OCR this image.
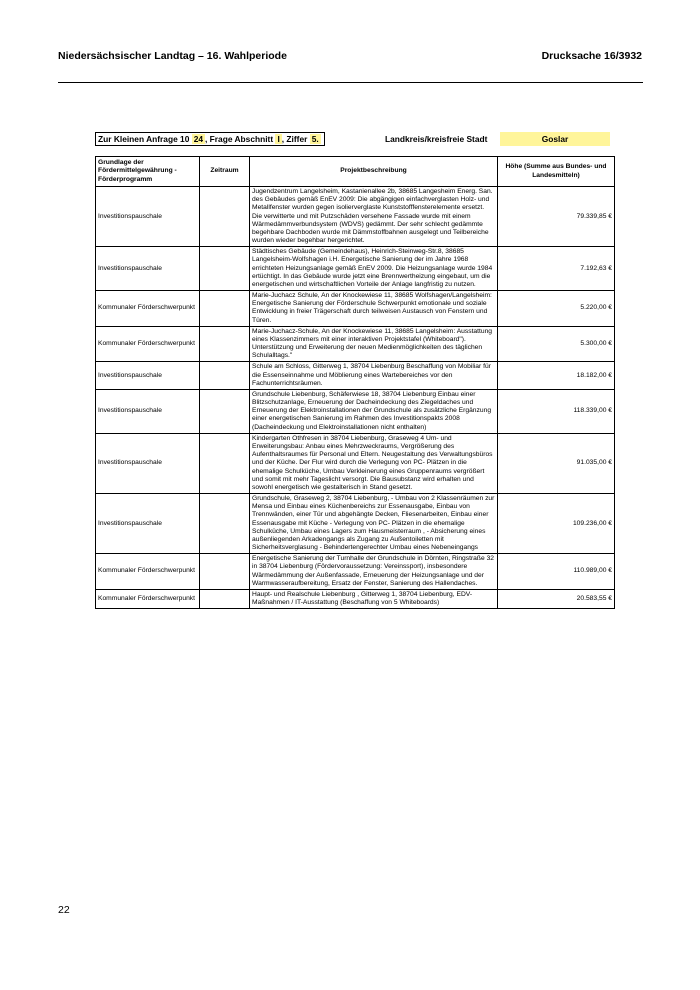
Niedersächsischer Landtag – 16. Wahlperiode	Drucksache 16/3932
Zur Kleinen Anfrage 10 24 , Frage Abschnitt I , Ziffer 5.	Landkreis/kreisfreie Stadt	Goslar
Grundlage der Fördermittelgewährung - Förderprogramm	Zeitraum	Projektbeschreibung	Höhe (Summe aus Bundes- und Landesmitteln)
Investitionspauschale		Jugendzentrum Langelsheim, Kastanienallee 2b, 38685 Langesheim Energ. San. des Gebäudes gemäß EnEV 2009: Die abgängigen einfachverglasten Holz- und Metallfenster wurden gegen isolierverglaste Kunststofffensterelemente ersetzt. Die verwitterte und mit Putzschäden versehene Fassade wurde mit einem Wärmedämmverbundsystem (WDVS) gedämmt. Der sehr schlecht gedämmte begehbare Dachboden wurde mit Dämmstoffbahnen ausgelegt und Teilbereiche wurden wieder begehbar hergerichtet.	79.339,85 €
Investitionspauschale		Städtisches Gebäude (Gemeindehaus), Heinrich-Steinweg-Str.8, 38685 Langelsheim-Wolfshagen i.H. Energetische Sanierung der im Jahre 1968 errichteten Heizungsanlage gemäß EnEV 2009. Die Heizungsanlage wurde 1984 ertüchtigt. In das Gebäude wurde jetzt eine Brennwertheizung eingebaut, um die energetischen und wirtschaftlichen Vorteile der Anlage langfristig zu nutzen.	7.192,63 €
Kommunaler Förderschwerpunkt		Marie-Juchacz Schule, An der Knockewiese 11, 38685 Wolfshagen/Langelsheim: Energetische Sanierung der Förderschule Schwerpunkt emotionale und soziale Entwicklung in freier Trägerschaft durch teilweisen Austausch von Fenstern und Türen.	5.220,00 €
Kommunaler Förderschwerpunkt		Marie-Juchacz-Schule, An der Knockewiese 11, 38685 Langelsheim: Ausstattung eines Klassenzimmers mit einer interaktiven Projektstafel (Whiteboard"). Unterstützung und Erweiterung der neuen Medienmöglichkeiten des täglichen Schulalltags."	5.300,00 €
Investitionspauschale		Schule am Schloss, Gitterweg 1, 38704 Liebenburg Beschaffung von Mobiliar für die Essenseinnahme und Möblierung eines Wartebereiches vor den Fachunterrichtsräumen.	18.182,00 €
Investitionspauschale		Grundschule Liebenburg, Schäferwiese 18, 38704 Liebenburg Einbau einer Blitzschutzanlage, Erneuerung der Dacheindeckung des Ziegeldaches und Erneuerung der Elektroinstallationen der Grundschule als zusätzliche Ergänzung einer energetischen Sanierung im Rahmen des Investitionspakts 2008 (Dacheindeckung und Elektroinstallationen nicht enthalten)	118.339,00 €
Investitionspauschale		Kindergarten Othfresen in 38704 Liebenburg, Graseweg 4 Um- und Erweiterungsbau: Anbau eines Mehrzweckraums, Vergrößerung des Aufenthaltsraumes für Personal und Eltern. Neugestaltung des Verwaltungsbüros und der Küche. Der Flur wird durch die Verlegung von PC- Plätzen in die ehemalige Schulküche, Umbau Verkleinerung eines Gruppenraums vergrößert und somit mit mehr Tageslicht versorgt. Die Bausubstanz wird erhalten und sowohl energetisch wie gestalterisch in Stand gesetzt.	91.035,00 €
Investitionspauschale		Grundschule, Graseweg 2, 38704 Liebenburg, - Umbau von 2 Klassenräumen zur Mensa und Einbau eines Küchenbereichs zur Essenausgabe, Einbau von Trennwänden, einer Tür und abgehängte Decken, Fliesenarbeiten, Einbau einer Essenausgabe mit Küche - Verlegung von PC- Plätzen in die ehemalige Schulküche, Umbau eines Lagers zum Hausmeisterraum , - Absicherung eines außenliegenden Arkadengangs als Zugang zu Außentoiletten mit Sicherheitsverglasung - Behindertengerechter Umbau eines Nebeneingangs	109.236,00 €
Kommunaler Förderschwerpunkt		Energetische Sanierung der Turnhalle der Grundschule in Dörnten, Ringstraße 32 in 38704 Liebenburg (Fördervoraussetzung: Vereinssport), insbesondere Wärmedämmung der Außenfassade, Erneuerung der Heizungsanlage und der Warmwasseraufbereitung, Ersatz der Fenster, Sanierung des Hallendaches.	110.989,00 €
Kommunaler Förderschwerpunkt		Haupt- und Realschule Liebenburg , Gitterweg 1, 38704 Liebenburg, EDV-Maßnahmen / IT-Ausstattung (Beschaffung von 5 Whiteboards)	20.583,55 €
22
